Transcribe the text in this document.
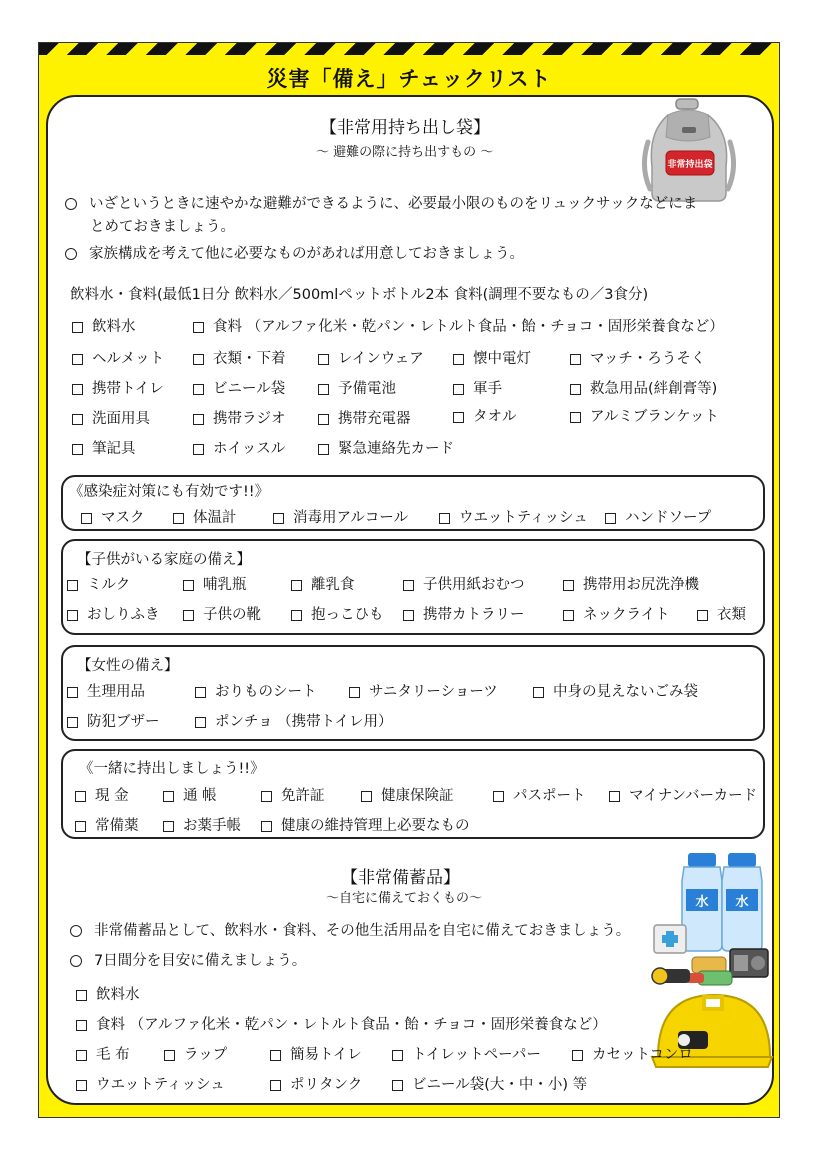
災害「備え」チェックリスト
【非常用持ち出し袋】
～ 避難の際に持ち出すもの ～
非常持出袋
いざというときに速やかな避難ができるように、必要最小限のものをリュックサックなどにま
とめておきましょう。
家族構成を考えて他に必要なものがあれば用意しておきましょう。
飲料水・食料(最低1日分 飲料水／500mlペットボトル2本 食料(調理不要なもの／3食分)
飲料水	食料 （アルファ化米・乾パン・レトルト食品・飴・チョコ・固形栄養食など）
ヘルメット	衣類・下着	レインウェア	懐中電灯	マッチ・ろうそく
携帯トイレ	ビニール袋	予備電池	軍手	救急用品(絆創膏等)
洗面用具	携帯ラジオ	携帯充電器	タオル	アルミブランケット
筆記具	ホイッスル	緊急連絡先カード
《感染症対策にも有効です!!》
マスク	体温計	消毒用アルコール	ウエットティッシュ	ハンドソープ
【子供がいる家庭の備え】
ミルク	哺乳瓶	離乳食	子供用紙おむつ	携帯用お尻洗浄機
おしりふき	子供の靴	抱っこひも	携帯カトラリー	ネックライト	衣類
【女性の備え】
生理用品	おりものシート	サニタリーショーツ	中身の見えないごみ袋
防犯ブザー	ポンチョ （携帯トイレ用）
《一緒に持出しましょう!!》
現 金	通 帳	免許証	健康保険証	パスポート	マイナンバーカード
常備薬	お薬手帳	健康の維持管理上必要なもの
【非常備蓄品】
～自宅に備えておくもの～	水 水
非常備蓄品として、飲料水・食料、その他生活用品を自宅に備えておきましょう。
7日間分を目安に備えましょう。
飲料水
食料 （アルファ化米・乾パン・レトルト食品・飴・チョコ・固形栄養食など）
毛 布	ラップ	簡易トイレ	トイレットペーパー	カセットコンロ
ウエットティッシュ	ポリタンク	ビニール袋(大・中・小) 等
